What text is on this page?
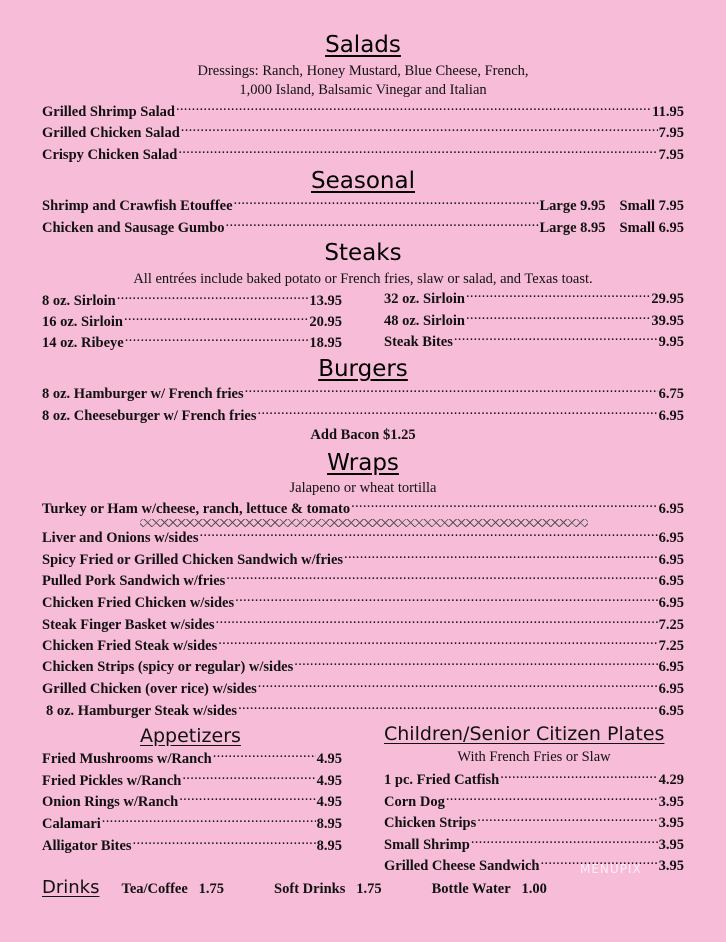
Salads
Dressings: Ranch, Honey Mustard, Blue Cheese, French,
1,000 Island, Balsamic Vinegar and Italian
Grilled Shrimp Salad .....	11.95
Grilled Chicken Salad .....	7.95
Crispy Chicken Salad .....	7.95
Seasonal
Shrimp and Crawfish Etouffee .....	Large 9.95 Small 7.95
Chicken and Sausage Gumbo .....	Large 8.95 Small 6.95
Steaks
All entrées include baked potato or French fries, slaw or salad, and Texas toast.
8 oz. Sirloin .....	13.95
16 oz. Sirloin .....	20.95
14 oz. Ribeye .....	18.95
32 oz. Sirloin .....	29.95
48 oz. Sirloin .....	39.95
Steak Bites .....	9.95
Burgers
8 oz. Hamburger w/ French fries .....	6.75
8 oz. Cheeseburger w/ French fries .....	6.95
Add Bacon $1.25
Wraps
Jalapeno or wheat tortilla
Turkey or Ham w/cheese, ranch, lettuce & tomato .....	6.95
Liver and Onions w/sides .....	6.95
Spicy Fried or Grilled Chicken Sandwich w/fries .....	6.95
Pulled Pork Sandwich w/fries .....	6.95
Chicken Fried Chicken w/sides .....	6.95
Steak Finger Basket w/sides .....	7.25
Chicken Fried Steak w/sides .....	7.25
Chicken Strips (spicy or regular) w/sides .....	6.95
Grilled Chicken (over rice) w/sides .....	6.95
8 oz. Hamburger Steak w/sides .....	6.95
Appetizers
Fried Mushrooms w/Ranch .....	4.95
Fried Pickles w/Ranch .....	4.95
Onion Rings w/Ranch .....	4.95
Calamari .....	8.95
Alligator Bites .....	8.95
Children/Senior Citizen Plates
With French Fries or Slaw
1 pc. Fried Catfish .....	4.29
Corn Dog .....	3.95
Chicken Strips .....	3.95
Small Shrimp .....	3.95
Grilled Cheese Sandwich .....	3.95
Drinks Tea/Coffee 1.75	Soft Drinks 1.75	Bottle Water 1.00
MENUPIX
